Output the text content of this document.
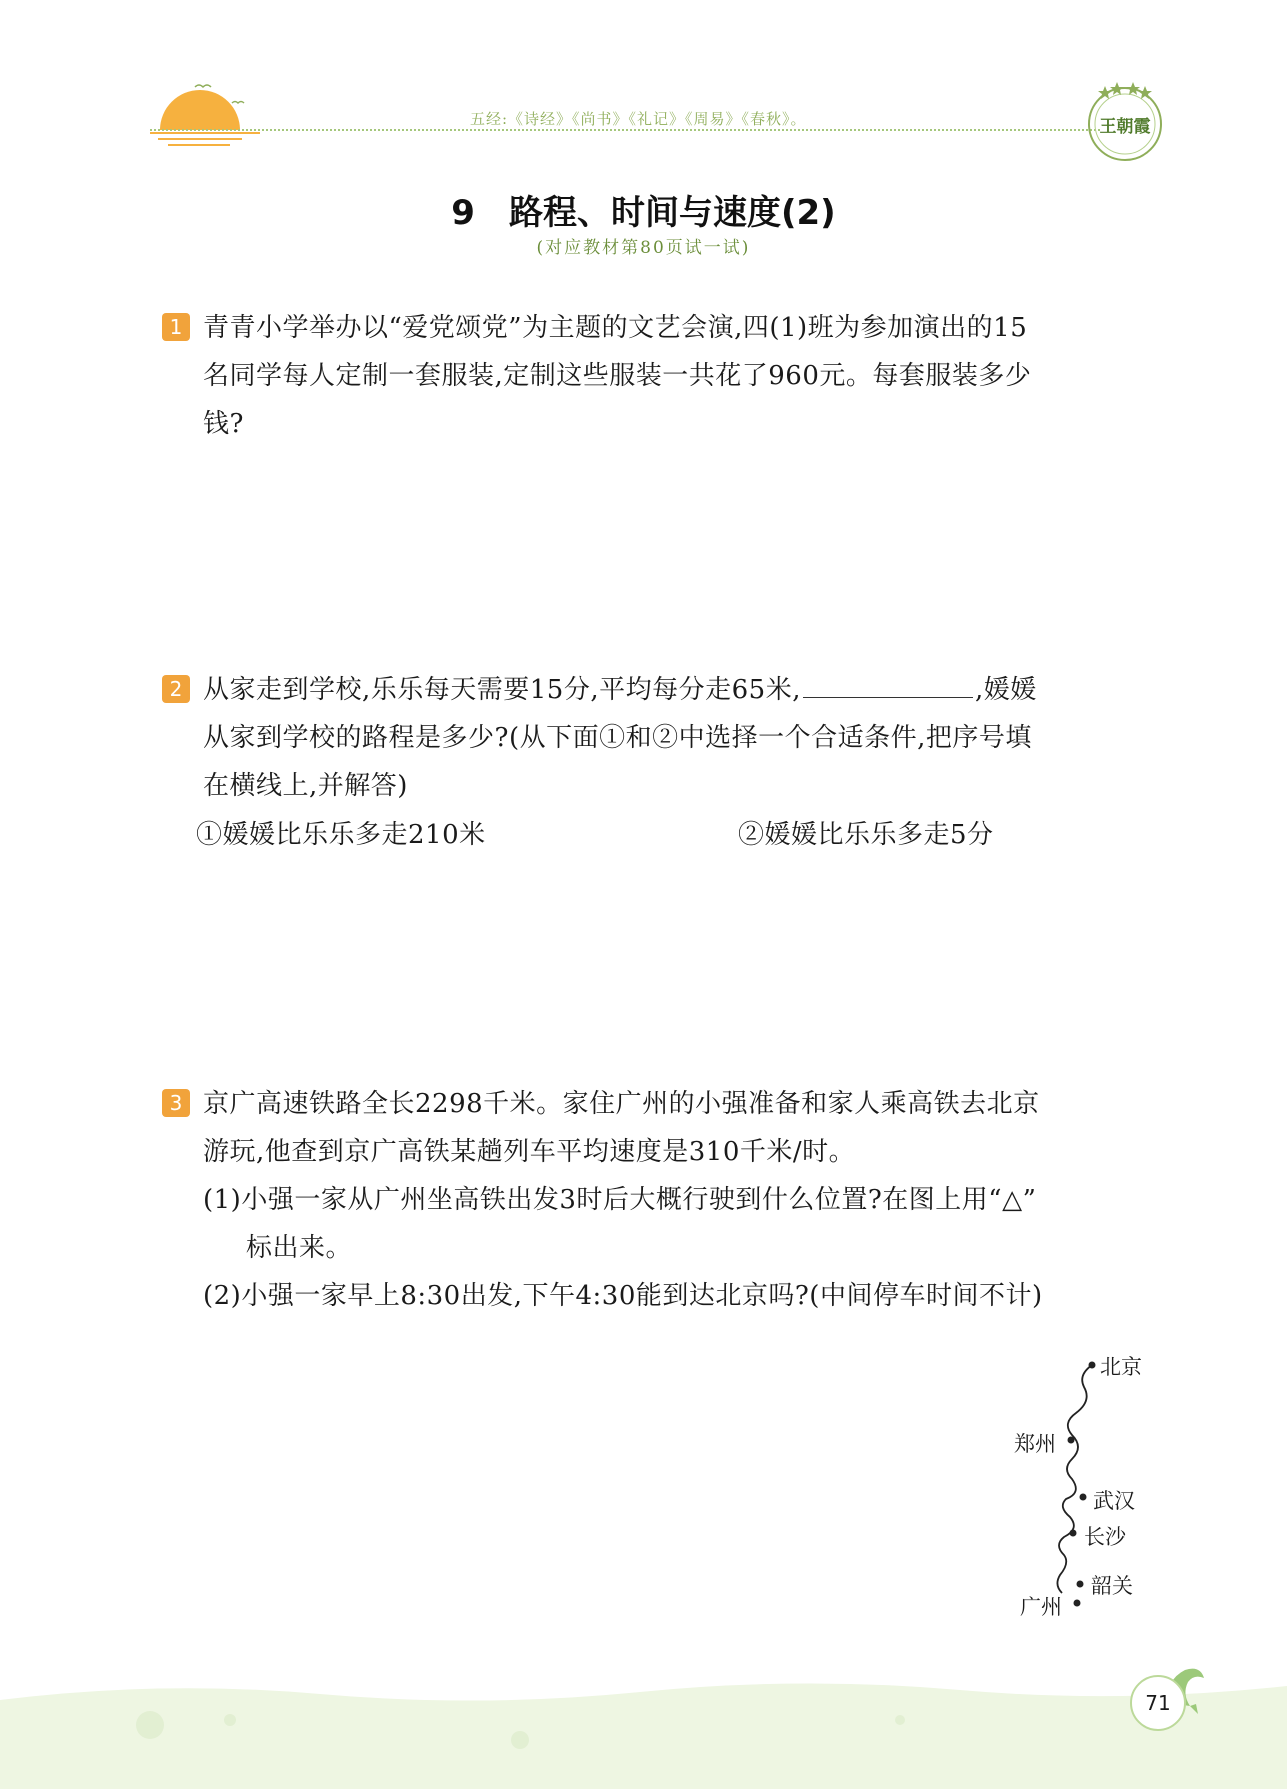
五经:《诗经》《尚书》《礼记》《周易》《春秋》。	王朝霞
9　路程、时间与速度(2)
(对应教材第80页试一试)
1 青青小学举办以“爱党颂党”为主题的文艺会演,四(1)班为参加演出的15
名同学每人定制一套服装,定制这些服装一共花了960元。每套服装多少
钱?
2 从家走到学校,乐乐每天需要15分,平均每分走65米,	,媛媛
从家到学校的路程是多少?(从下面①和②中选择一个合适条件,把序号填
在横线上,并解答)
①媛媛比乐乐多走210米	②媛媛比乐乐多走5分
3 京广高速铁路全长2298千米。家住广州的小强准备和家人乘高铁去北京
游玩,他查到京广高铁某趟列车平均速度是310千米/时。
(1)小强一家从广州坐高铁出发3时后大概行驶到什么位置?在图上用“△”
标出来。
(2)小强一家早上8:30出发,下午4:30能到达北京吗?(中间停车时间不计)
北京
郑州
武汉
长沙
韶关
广州
71
